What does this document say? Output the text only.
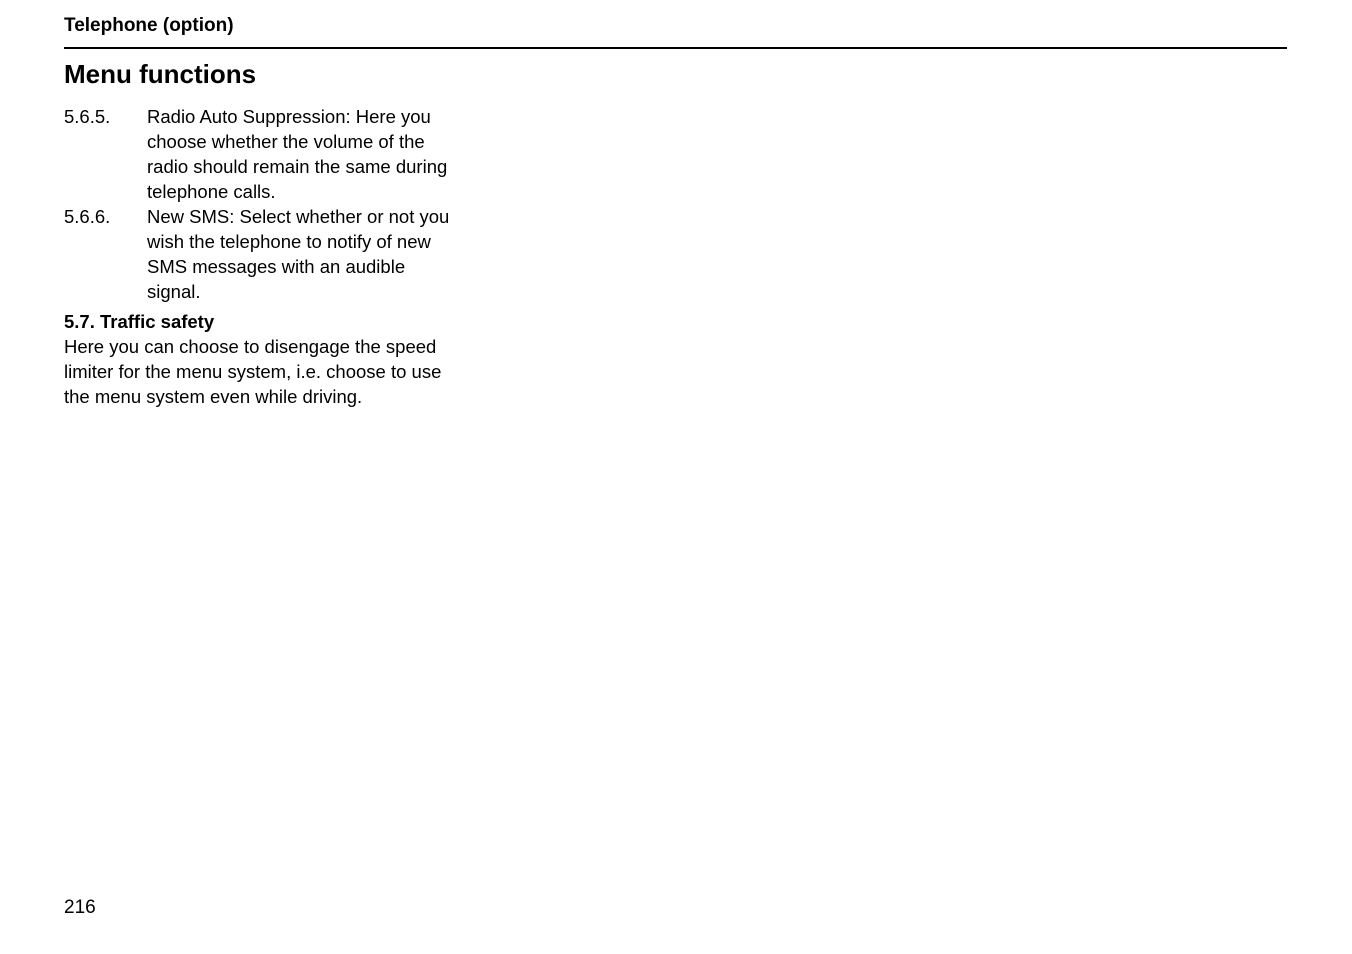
Telephone (option)

Menu functions
5.6.5.	Radio Auto Suppression: Here you choose whether the volume of the radio should remain the same during telephone calls.
5.6.6.	New SMS: Select whether or not you wish the telephone to notify of new SMS messages with an audible signal.
5.7. Traffic safety

Here you can choose to disengage the speed limiter for the menu system, i.e. choose to use the menu system even while driving.

216
